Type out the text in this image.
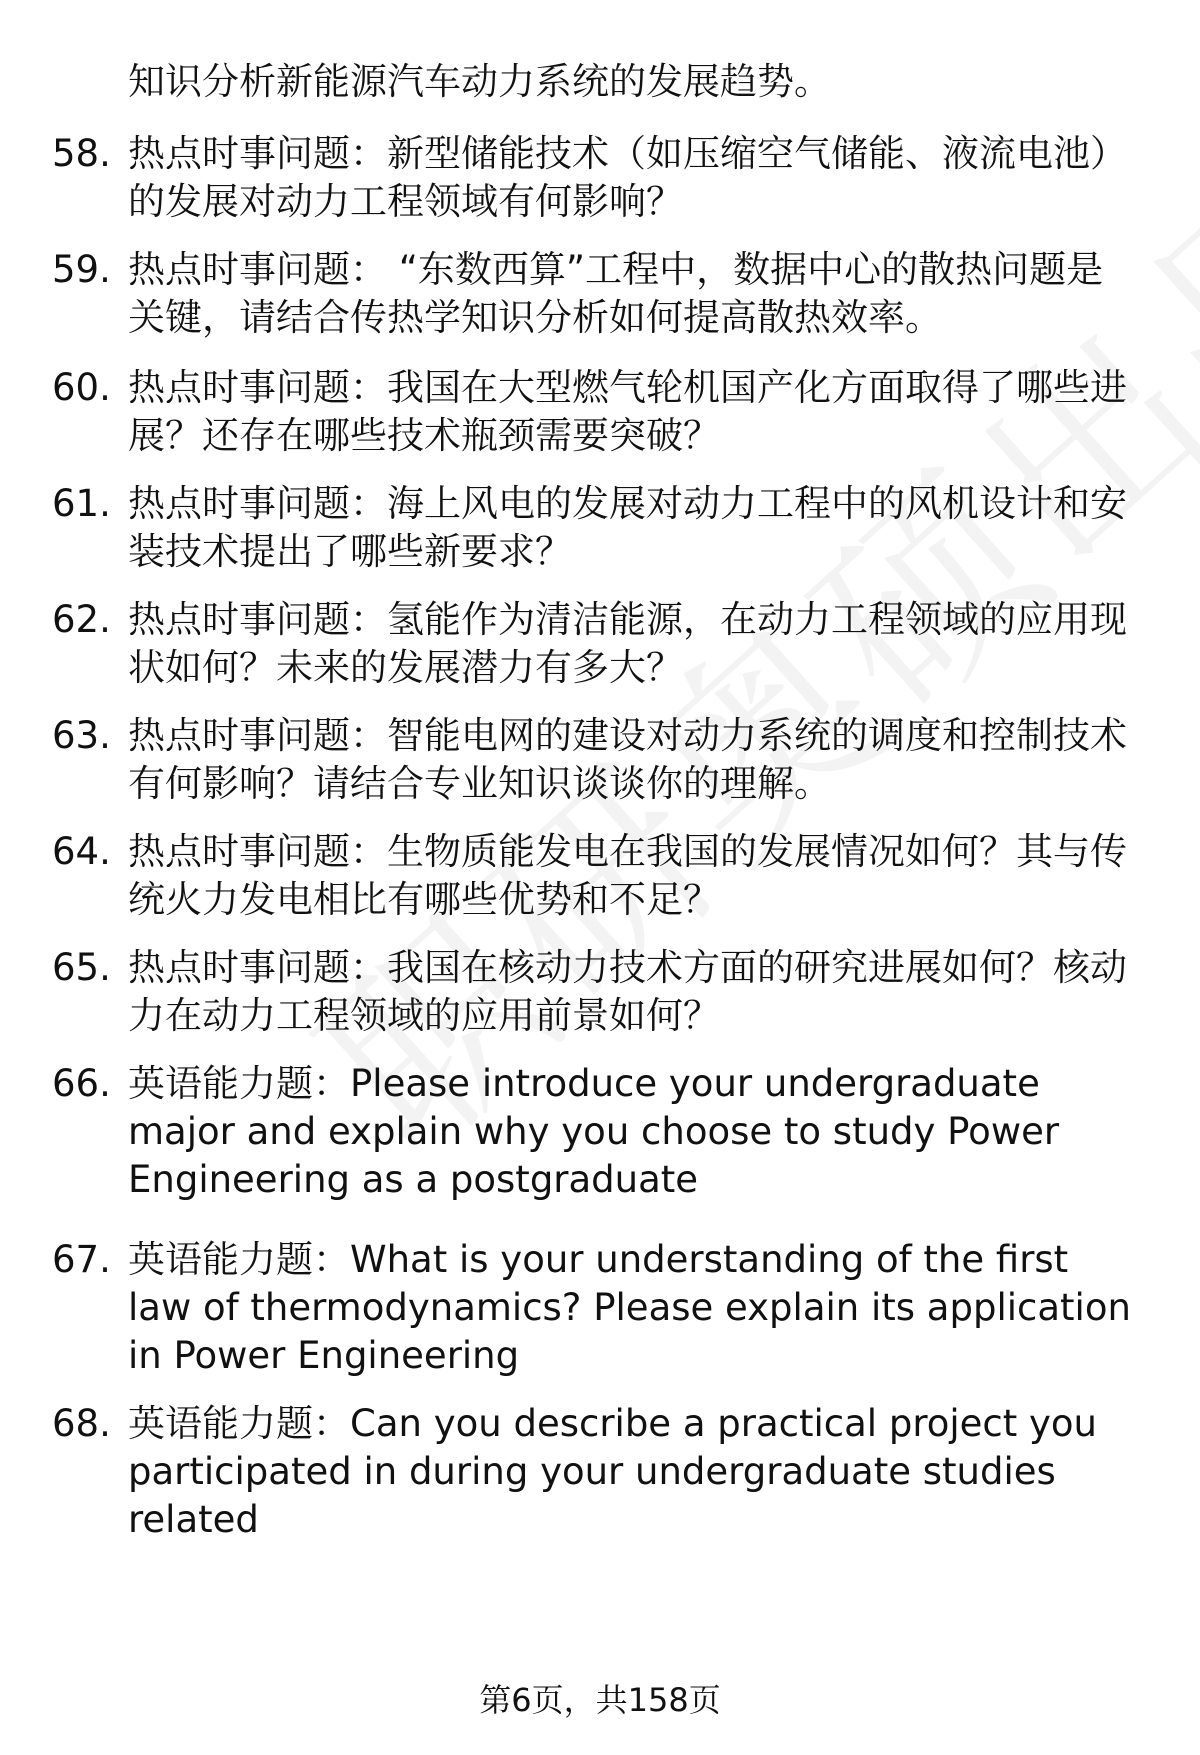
知识分析新能源汽车动力系统的发展趋势。
58. 热点时事问题：新型储能技术（如压缩空气储能、液流电池）的发展对动力工程领域有何影响？
59. 热点时事问题： “东数西算”工程中，数据中心的散热问题是关键，请结合传热学知识分析如何提高散热效率。
60. 热点时事问题：我国在大型燃气轮机国产化方面取得了哪些进展？还存在哪些技术瓶颈需要突破？
61. 热点时事问题：海上风电的发展对动力工程中的风机设计和安装技术提出了哪些新要求？
62. 热点时事问题：氢能作为清洁能源，在动力工程领域的应用现状如何？未来的发展潜力有多大？
63. 热点时事问题：智能电网的建设对动力系统的调度和控制技术有何影响？请结合专业知识谈谈你的理解。
64. 热点时事问题：生物质能发电在我国的发展情况如何？其与传统火力发电相比有哪些优势和不足？
65. 热点时事问题：我国在核动力技术方面的研究进展如何？核动力在动力工程领域的应用前景如何？
66. 英语能力题：Please introduce your undergraduate major and explain why you choose to study Power Engineering as a postgraduate
67. 英语能力题：What is your understanding of the first law of thermodynamics? Please explain its application in Power Engineering
68. 英语能力题：Can you describe a practical project you participated in during your undergraduate studies related
第6页，共158页
